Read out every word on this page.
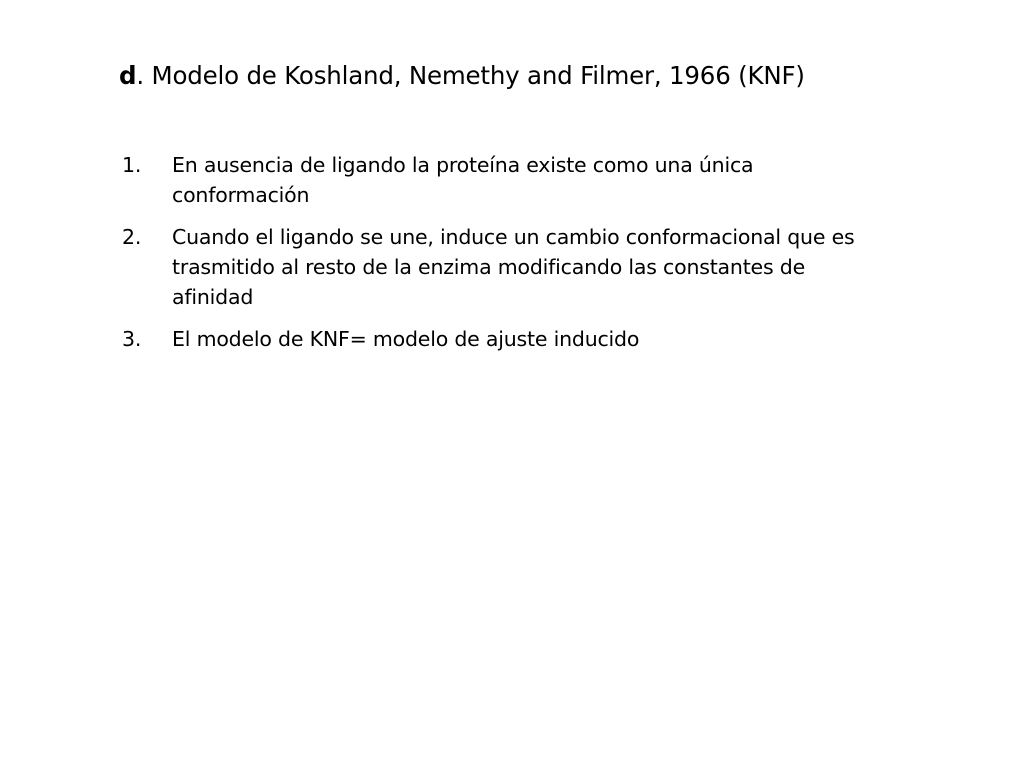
d. Modelo de Koshland, Nemethy and Filmer, 1966 (KNF)
1. En ausencia de ligando la proteína existe como una única conformación
2. Cuando el ligando se une, induce un cambio conformacional que es trasmitido al resto de la enzima modificando las constantes de afinidad
3. El modelo de KNF= modelo de ajuste inducido
